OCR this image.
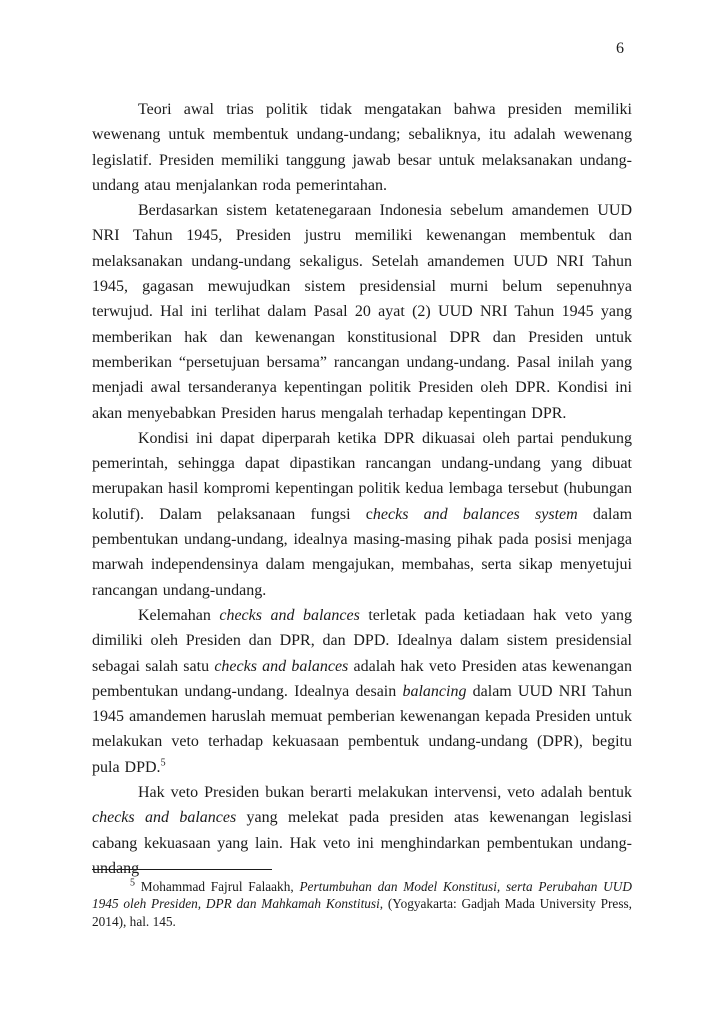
6

Teori awal trias politik tidak mengatakan bahwa presiden memiliki wewenang untuk membentuk undang-undang; sebaliknya, itu adalah wewenang legislatif. Presiden memiliki tanggung jawab besar untuk melaksanakan undang-undang atau menjalankan roda pemerintahan.

Berdasarkan sistem ketatenegaraan Indonesia sebelum amandemen UUD NRI Tahun 1945, Presiden justru memiliki kewenangan membentuk dan melaksanakan undang-undang sekaligus. Setelah amandemen UUD NRI Tahun 1945, gagasan mewujudkan sistem presidensial murni belum sepenuhnya terwujud. Hal ini terlihat dalam Pasal 20 ayat (2) UUD NRI Tahun 1945 yang memberikan hak dan kewenangan konstitusional DPR dan Presiden untuk memberikan “persetujuan bersama” rancangan undang-undang. Pasal inilah yang menjadi awal tersanderanya kepentingan politik Presiden oleh DPR. Kondisi ini akan menyebabkan Presiden harus mengalah terhadap kepentingan DPR.

Kondisi ini dapat diperparah ketika DPR dikuasai oleh partai pendukung pemerintah, sehingga dapat dipastikan rancangan undang-undang yang dibuat merupakan hasil kompromi kepentingan politik kedua lembaga tersebut (hubungan kolutif). Dalam pelaksanaan fungsi checks and balances system dalam pembentukan undang-undang, idealnya masing-masing pihak pada posisi menjaga marwah independensinya dalam mengajukan, membahas, serta sikap menyetujui rancangan undang-undang.

Kelemahan checks and balances terletak pada ketiadaan hak veto yang dimiliki oleh Presiden dan DPR, dan DPD. Idealnya dalam sistem presidensial sebagai salah satu checks and balances adalah hak veto Presiden atas kewenangan pembentukan undang-undang. Idealnya desain balancing dalam UUD NRI Tahun 1945 amandemen haruslah memuat pemberian kewenangan kepada Presiden untuk melakukan veto terhadap kekuasaan pembentuk undang-undang (DPR), begitu pula DPD.$^5$

Hak veto Presiden bukan berarti melakukan intervensi, veto adalah bentuk checks and balances yang melekat pada presiden atas kewenangan legislasi cabang kekuasaan yang lain. Hak veto ini menghindarkan pembentukan undang-undang

$^5$ Mohammad Fajrul Falaakh, Pertumbuhan dan Model Konstitusi, serta Perubahan UUD 1945 oleh Presiden, DPR dan Mahkamah Konstitusi, (Yogyakarta: Gadjah Mada University Press, 2014), hal. 145.
